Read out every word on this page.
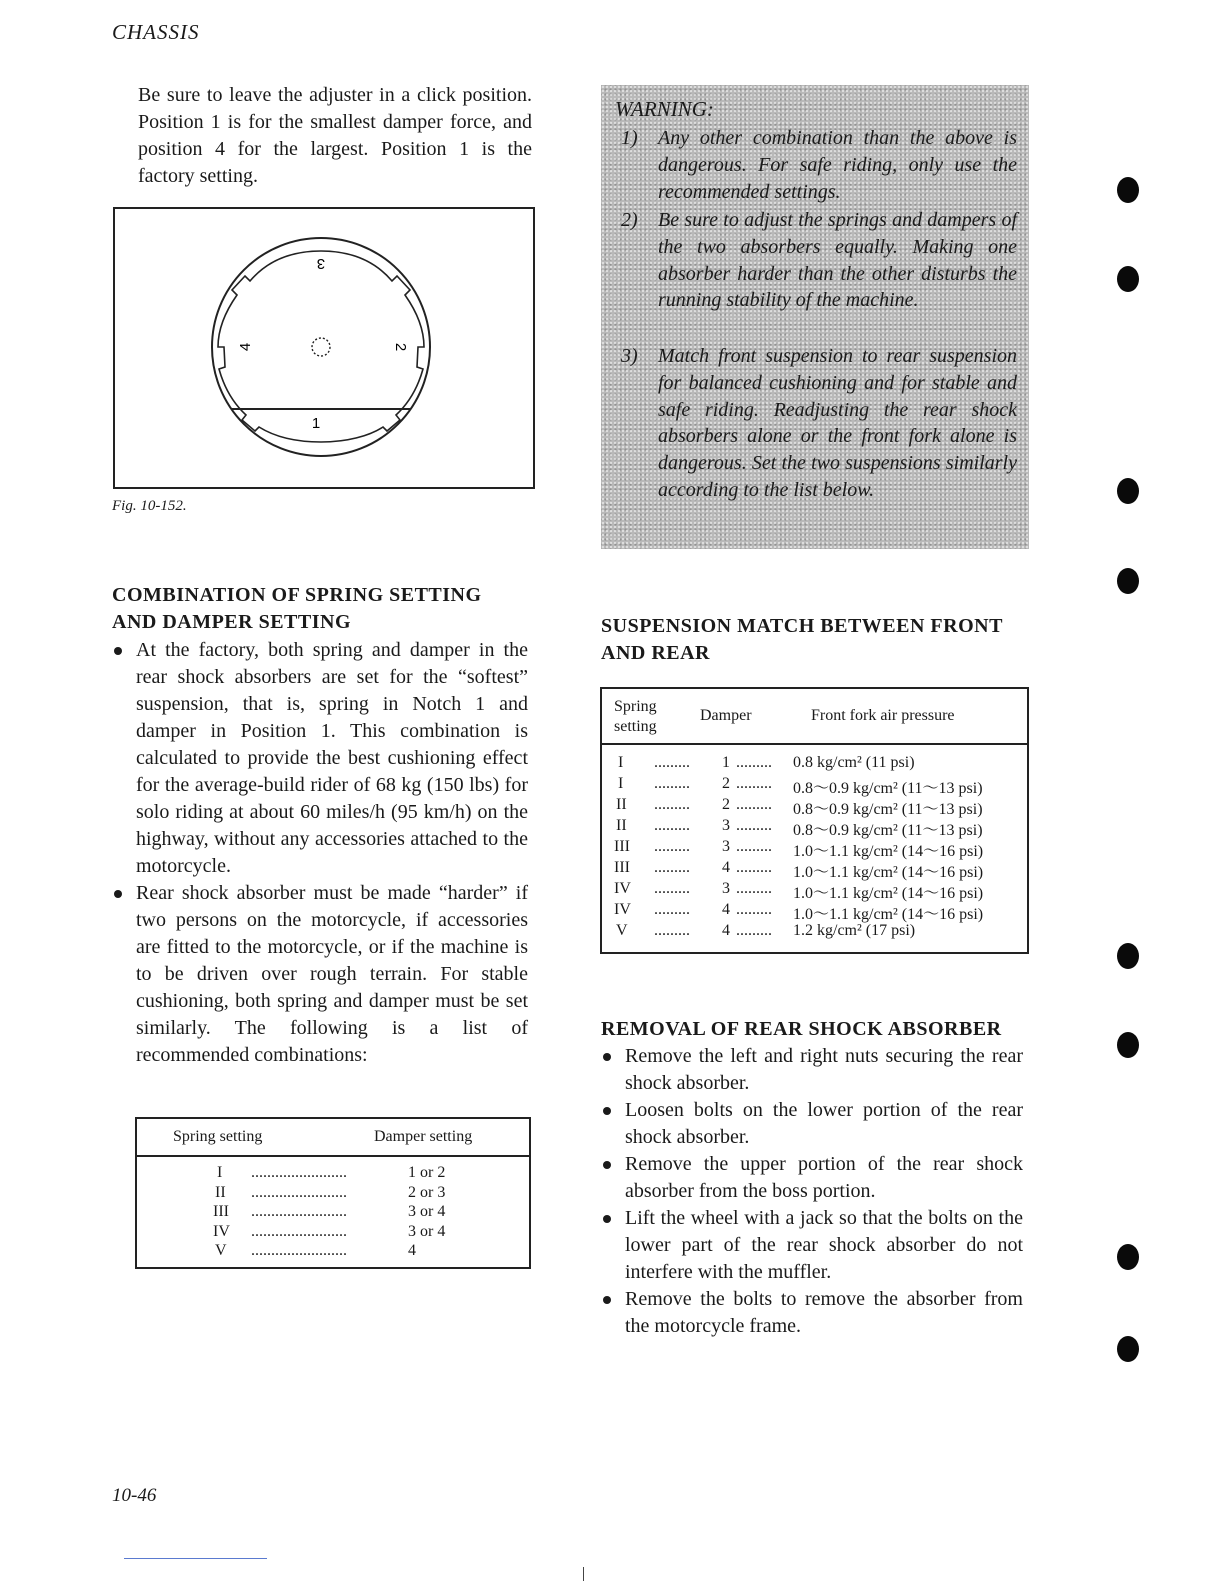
CHASSIS
Be sure to leave the adjuster in a click position. Position 1 is for the smallest damper force, and position 4 for the largest. Position 1 is the factory setting.
3
2
4
1
Fig. 10-152.
COMBINATION OF SPRING SETTING
AND DAMPER SETTING
At the factory, both spring and damper in the rear shock absorbers are set for the “softest” suspension, that is, spring in Notch 1 and damper in Position 1. This combination is calculated to provide the best cushioning effect for the average-build rider of 68 kg (150 lbs) for solo riding at about 60 miles/h (95 km/h) on the highway, without any accessories attached to the motorcycle.
Rear shock absorber must be made “harder” if two persons on the motorcycle, if accessories are fitted to the motorcycle, or if the machine is to be driven over rough terrain. For stable cushioning, both spring and damper must be set similarly. The following is a list of recommended combinations:
Spring setting	Damper setting
I ........................	1 or 2
II ........................	2 or 3
III ........................	3 or 4
IV ........................	3 or 4
V ........................	4
WARNING:
1) Any other combination than the above is dangerous. For safe riding, only use the recommended settings.
2) Be sure to adjust the springs and dampers of the two absorbers equally. Making one absorber harder than the other disturbs the running stability of the machine.
3) Match front suspension to rear suspension for balanced cushioning and for stable and safe riding. Readjusting the rear shock absorbers alone or the front fork alone is dangerous. Set the two suspensions similarly according to the list below.
SUSPENSION MATCH BETWEEN FRONT
AND REAR
Spring
setting
Damper	Front fork air pressure
I ......... 1 ......... 0.8 kg/cm² (11 psi)
I ......... 2 ......... 0.8～0.9 kg/cm² (11～13 psi)
II ......... 2 ......... 0.8～0.9 kg/cm² (11～13 psi)
II ......... 3 ......... 0.8～0.9 kg/cm² (11～13 psi)
III ......... 3 ......... 1.0～1.1 kg/cm² (14～16 psi)
III ......... 4 ......... 1.0～1.1 kg/cm² (14～16 psi)
IV ......... 3 ......... 1.0～1.1 kg/cm² (14～16 psi)
IV ......... 4 ......... 1.0～1.1 kg/cm² (14～16 psi)
V ......... 4 ......... 1.2 kg/cm² (17 psi)
REMOVAL OF REAR SHOCK ABSORBER
Remove the left and right nuts securing the rear shock absorber.
Loosen bolts on the lower portion of the rear shock absorber.
Remove the upper portion of the rear shock absorber from the boss portion.
Lift the wheel with a jack so that the bolts on the lower part of the rear shock absorber do not interfere with the muffler.
Remove the bolts to remove the absorber from the motorcycle frame.
10-46
